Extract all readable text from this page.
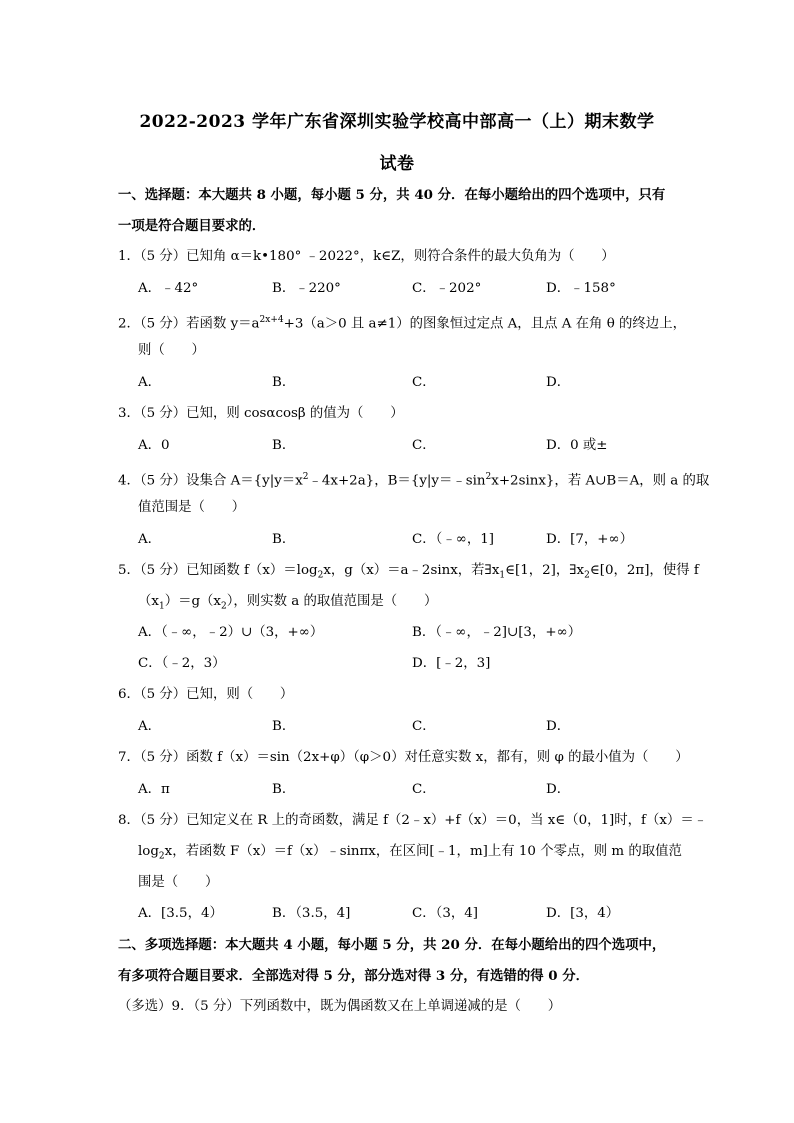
2022-2023 学年广东省深圳实验学校高中部高一（上）期末数学
试卷
一、选择题：本大题共 8 小题，每小题 5 分，共 40 分．在每小题给出的四个选项中，只有
一项是符合题目要求的．
1．（5 分）已知角 α＝k•180° ﹣2022°，k∈Z，则符合条件的最大负角为（　　）
A．﹣42°	B．﹣220°	C．﹣202°	D．﹣158°
2．（5 分）若函数 $y=a^{2x+4}+3(a>0$ 且 a≠1）的图象恒过定点 A，且点 A 在角 θ 的终边上，
则（　　）
A．	B．	C．	D．
3．（5 分）已知，则 cosαcosβ 的值为（　　）
A．0	B．	C．	D．0 或±
4．（5 分）设集合 $A=\{y|y=x^2﹣4x+2a\}$，$B=\{y|y=﹣\sin^2x+2\sin x\}$，若 A∪B＝A，则 a 的取
值范围是（　　）
A．	B．	C．（﹣∞，1]	D．[7，+∞）
5．（5 分）已知函数 $f(x)=\log_2x$，g（x）＝a﹣2sinx，若$\exists x_1\in[1$，2]，$\exists x_2\in[0$，2π]，使得 f
$(x_1)=g(x_2)$，则实数 a 的取值范围是（　　）
A．（﹣∞，﹣2）∪（3，+∞）	B．（﹣∞，﹣2]∪[3，+∞）
C．（﹣2，3）	D．[﹣2，3]
6．（5 分）已知，则（　　）
A．	B．	C．	D．
7．（5 分）函数 f（x）＝sin（2x+φ）（φ＞0）对任意实数 x，都有，则 φ 的最小值为（　　）
A．π	B．	C．	D．
8．（5 分）已知定义在 R 上的奇函数，满足 f（2﹣x）+f（x）＝0，当 x∈（0，1]时，f（x）＝﹣
$\log_2x$，若函数 F（x）＝f（x）﹣sinπx，在区间[﹣1，m]上有 10 个零点，则 m 的取值范
围是（　　）
A．[3.5，4）	B．（3.5，4]	C．（3，4]	D．[3，4）
二、多项选择题：本大题共 4 小题，每小题 5 分，共 20 分．在每小题给出的四个选项中，
有多项符合题目要求．全部选对得 5 分，部分选对得 3 分，有选错的得 0 分．
（多选）9．（5 分）下列函数中，既为偶函数又在上单调递减的是（　　）
